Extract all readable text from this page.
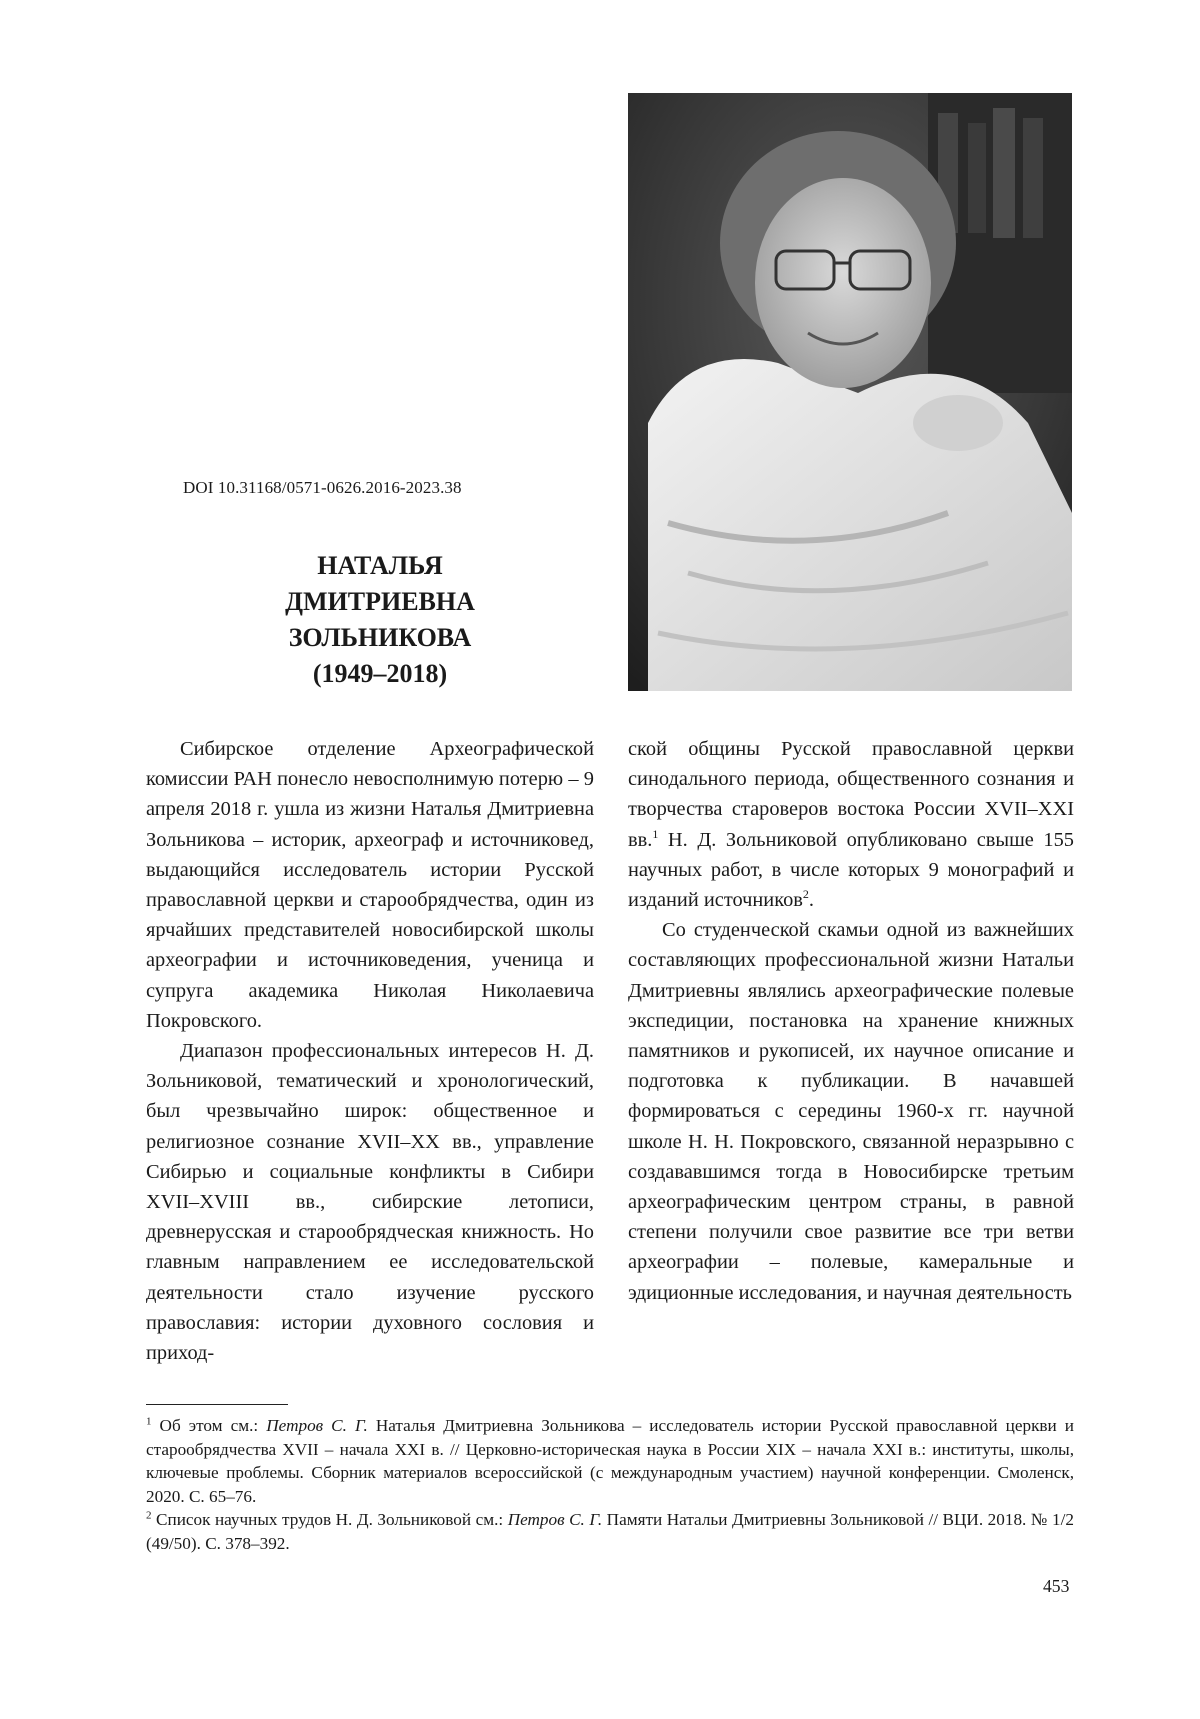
DOI 10.31168/0571-0626.2016-2023.38
НАТАЛЬЯ
ДМИТРИЕВНА
ЗОЛЬНИКОВА
(1949–2018)

Сибирское отделение Археографической комиссии РАН понесло невосполнимую потерю – 9 апреля 2018 г. ушла из жизни Наталья Дмитриевна Зольникова – историк, археограф и источниковед, выдающийся исследователь истории Русской православной церкви и старообрядчества, один из ярчайших представителей новосибирской школы археографии и источниковедения, ученица и супруга академика Николая Николаевича Покровского.

Диапазон профессиональных интересов Н. Д. Зольниковой, тематический и хронологический, был чрезвычайно широк: общественное и религиозное сознание XVII–XX вв., управление Сибирью и социальные конфликты в Сибири XVII–XVIII вв., сибирские летописи, древнерусская и старообрядческая книжность. Но главным направлением ее исследовательской деятельности стало изучение русского православия: истории духовного сословия и приход-

ской общины Русской православной церкви синодального периода, общественного сознания и творчества староверов востока России XVII–XXI вв.$^1$ Н. Д. Зольниковой опубликовано свыше 155 научных работ, в числе которых 9 монографий и изданий источников$^2$.

Со студенческой скамьи одной из важнейших составляющих профессиональной жизни Натальи Дмитриевны являлись археографические полевые экспедиции, постановка на хранение книжных памятников и рукописей, их научное описание и подготовка к публикации. В начавшей формироваться с середины 1960-х гг. научной школе Н. Н. Покровского, связанной неразрывно с создававшимся тогда в Новосибирске третьим археографическим центром страны, в равной степени получили свое развитие все три ветви археографии – полевые, камеральные и эдиционные исследования, и научная деятельность

$^1$ Об этом см.: Петров С. Г. Наталья Дмитриевна Зольникова – исследователь истории Русской православной церкви и старообрядчества XVII – начала XXI в. // Церковно-историческая наука в России XIX – начала XXI в.: институты, школы, ключевые проблемы. Сборник материалов всероссийской (с международным участием) научной конференции. Смоленск, 2020. С. 65–76.

$^2$ Список научных трудов Н. Д. Зольниковой см.: Петров С. Г. Памяти Натальи Дмитриевны Зольниковой // ВЦИ. 2018. № 1/2 (49/50). С. 378–392.

453
